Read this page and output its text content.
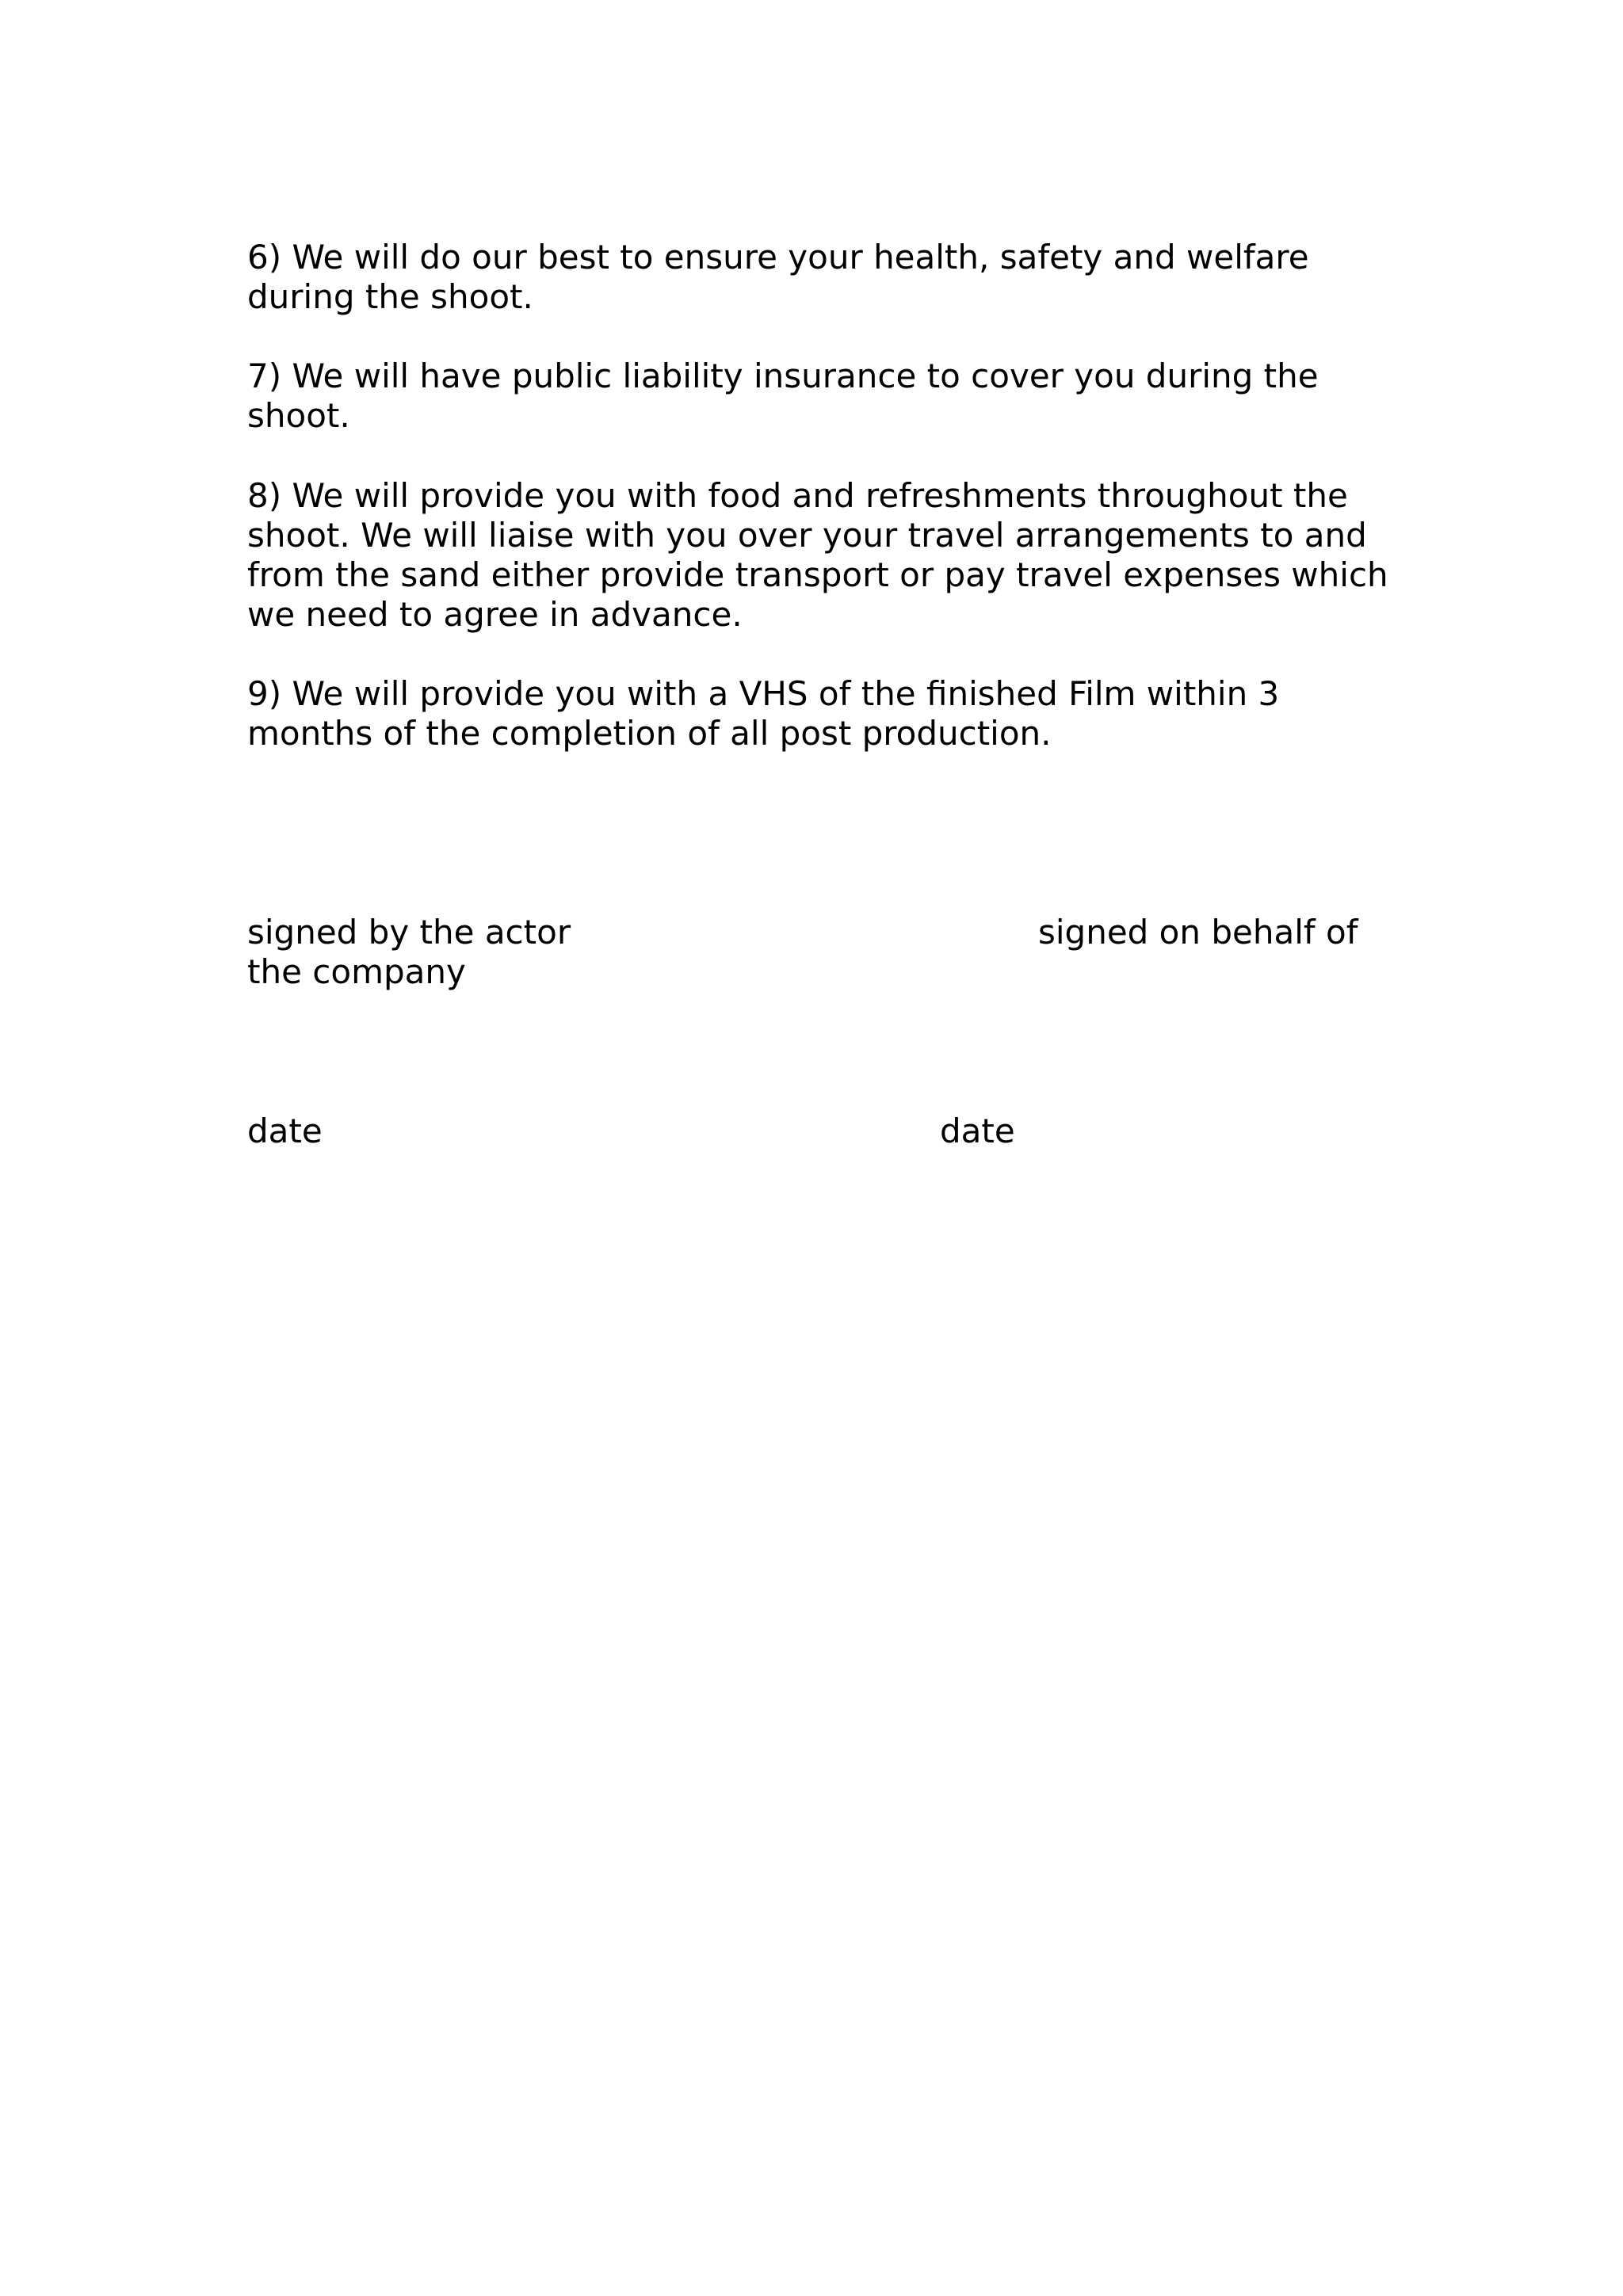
6) We will do our best to ensure your health, safety and welfare

during the shoot.

7) We will have public liability insurance to cover you during the

shoot.

8) We will provide you with food and refreshments throughout the

shoot. We will liaise with you over your travel arrangements to and

from the sand either provide transport or pay travel expenses which

we need to agree in advance.

9) We will provide you with a VHS of the finished Film within 3

months of the completion of all post production.

signed by the actor	signed on behalf of

the company

date	date
